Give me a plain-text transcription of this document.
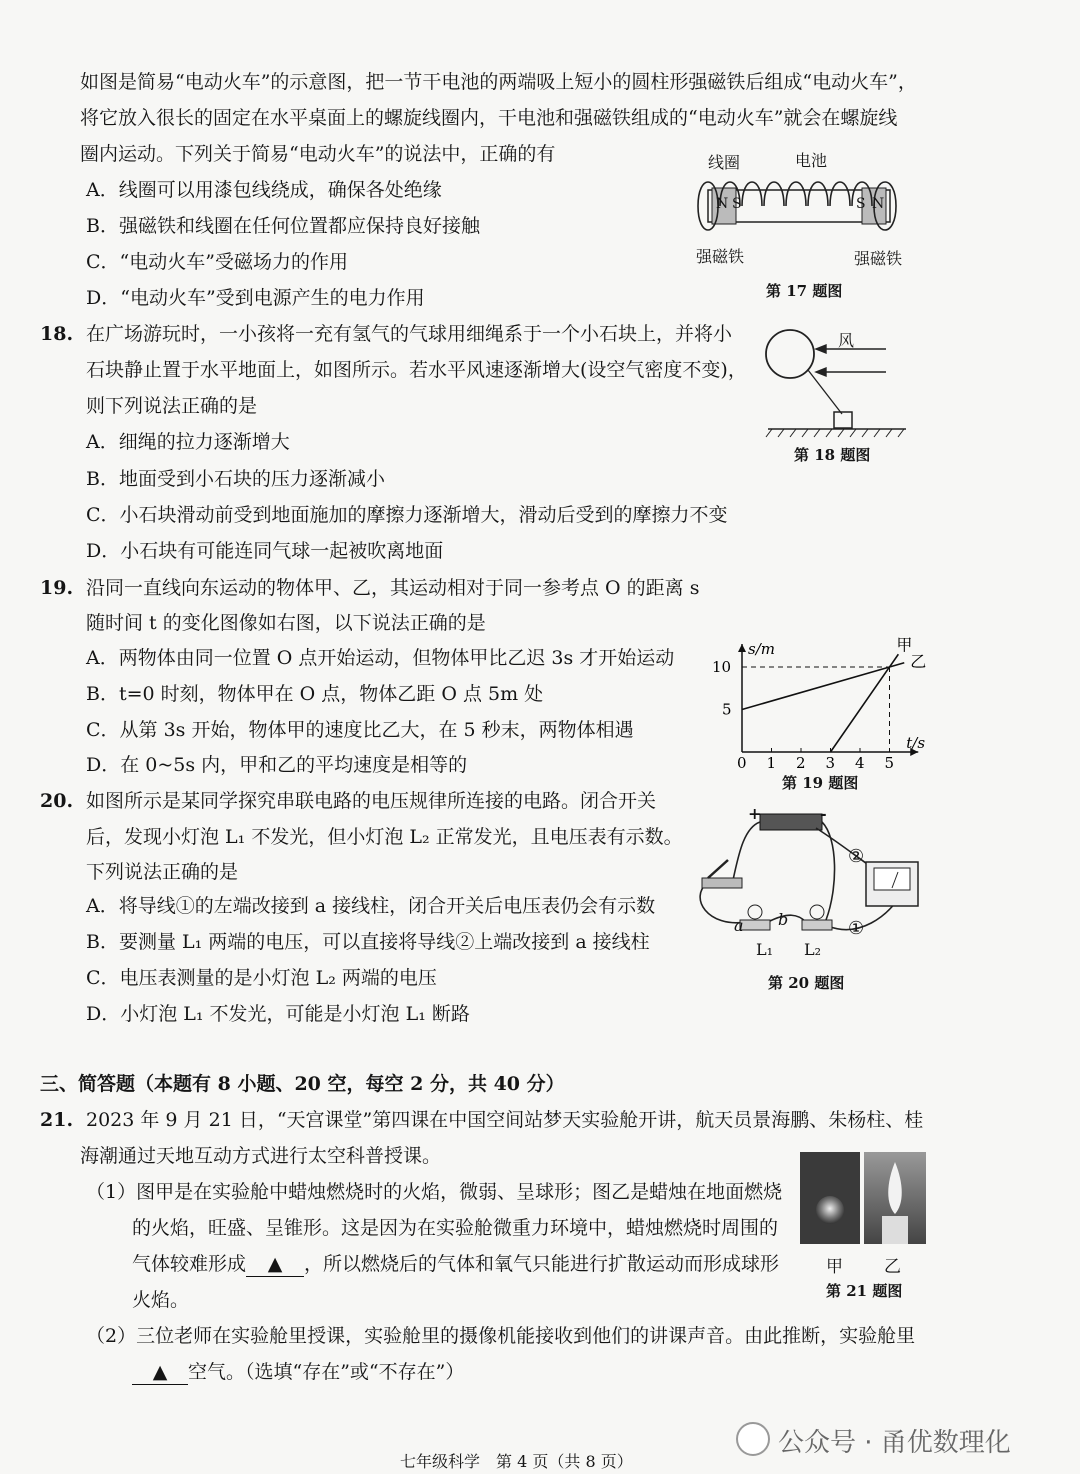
如图是简易“电动火车”的示意图，把一节干电池的两端吸上短小的圆柱形强磁铁后组成“电动火车”，
将它放入很长的固定在水平桌面上的螺旋线圈内，干电池和强磁铁组成的“电动火车”就会在螺旋线
圈内运动。下列关于简易“电动火车”的说法中，正确的有
A．线圈可以用漆包线绕成，确保各处绝缘
B．强磁铁和线圈在任何位置都应保持良好接触
C．“电动火车”受磁场力的作用
D．“电动火车”受到电源产生的电力作用
线圈	电池
N S	S N
强磁铁	强磁铁
第 17 题图
18. 在广场游玩时，一小孩将一充有氢气的气球用细绳系于一个小石块上，并将小
石块静止置于水平地面上，如图所示。若水平风速逐渐增大(设空气密度不变)，
则下列说法正确的是
A．细绳的拉力逐渐增大
B．地面受到小石块的压力逐渐减小
C．小石块滑动前受到地面施加的摩擦力逐渐增大，滑动后受到的摩擦力不变
D．小石块有可能连同气球一起被吹离地面
风
第 18 题图
19. 沿同一直线向东运动的物体甲、乙，其运动相对于同一参考点 O 的距离 s
随时间 t 的变化图像如右图，以下说法正确的是
A．两物体由同一位置 O 点开始运动，但物体甲比乙迟 3s 才开始运动
B．t=0 时刻，物体甲在 O 点，物体乙距 O 点 5m 处
C．从第 3s 开始，物体甲的速度比乙大，在 5 秒末，两物体相遇
D．在 0~5s 内，甲和乙的平均速度是相等的
s/m
t/s
甲
乙
0 1 2 3 4 5
5
10
第 19 题图
20. 如图所示是某同学探究串联电路的电压规律所连接的电路。闭合开关
后，发现小灯泡 L₁ 不发光，但小灯泡 L₂ 正常发光，且电压表有示数。
下列说法正确的是
A．将导线①的左端改接到 a 接线柱，闭合开关后电压表仍会有示数
B．要测量 L₁ 两端的电压，可以直接将导线②上端改接到 a 接线柱
C．电压表测量的是小灯泡 L₂ 两端的电压
D．小灯泡 L₁ 不发光，可能是小灯泡 L₁ 断路
+	-
②
①
a b
L₁ L₂
第 20 题图
三、简答题（本题有 8 小题、20 空，每空 2 分，共 40 分）
21. 2023 年 9 月 21 日，“天宫课堂”第四课在中国空间站梦天实验舱开讲，航天员景海鹏、朱杨柱、桂
海潮通过天地互动方式进行太空科普授课。
（1）图甲是在实验舱中蜡烛燃烧时的火焰，微弱、呈球形；图乙是蜡烛在地面燃烧
的火焰，旺盛、呈锥形。这是因为在实验舱微重力环境中，蜡烛燃烧时周围的
气体较难形成 ▲ ，所以燃烧后的气体和氧气只能进行扩散运动而形成球形
火焰。
（2）三位老师在实验舱里授课，实验舱里的摄像机能接收到他们的讲课声音。由此推断，实验舱里
▲ 空气。（选填“存在”或“不存在”）
甲 乙
第 21 题图
公众号 · 甬优数理化
七年级科学　第 4 页（共 8 页）
